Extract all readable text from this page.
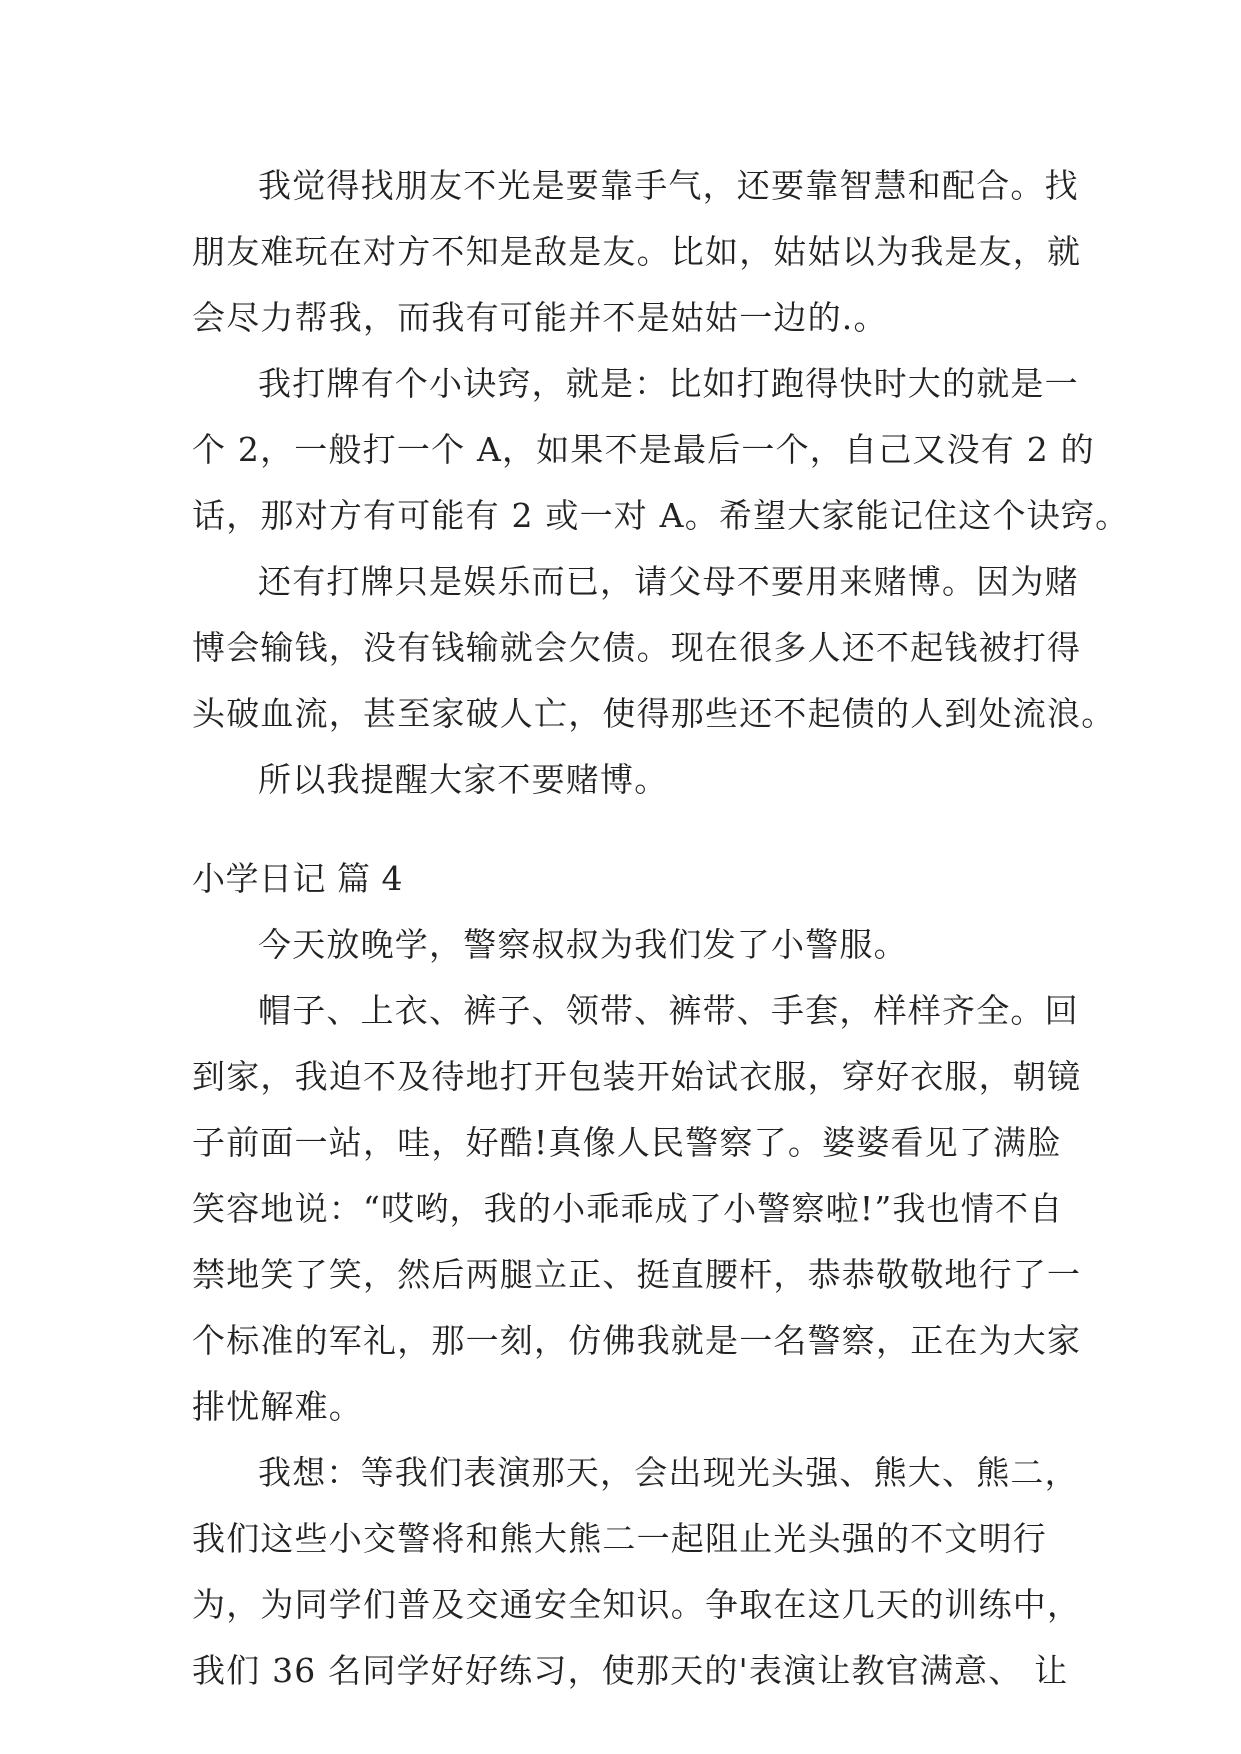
我觉得找朋友不光是要靠手气，还要靠智慧和配合。找
朋友难玩在对方不知是敌是友。比如，姑姑以为我是友，就
会尽力帮我，而我有可能并不是姑姑一边的.。
我打牌有个小诀窍，就是：比如打跑得快时大的就是一
个 2，一般打一个 A，如果不是最后一个，自己又没有 2 的
话，那对方有可能有 2 或一对 A。希望大家能记住这个诀窍。
还有打牌只是娱乐而已，请父母不要用来赌博。因为赌
博会输钱，没有钱输就会欠债。现在很多人还不起钱被打得
头破血流，甚至家破人亡，使得那些还不起债的人到处流浪。
所以我提醒大家不要赌博。
小学日记 篇 4
今天放晚学，警察叔叔为我们发了小警服。
帽子、上衣、裤子、领带、裤带、手套，样样齐全。回
到家，我迫不及待地打开包装开始试衣服，穿好衣服，朝镜
子前面一站，哇，好酷!真像人民警察了。婆婆看见了满脸
笑容地说：“哎哟，我的小乖乖成了小警察啦!”我也情不自
禁地笑了笑，然后两腿立正、挺直腰杆，恭恭敬敬地行了一
个标准的军礼，那一刻，仿佛我就是一名警察，正在为大家
排忧解难。
我想：等我们表演那天，会出现光头强、熊大、熊二，
我们这些小交警将和熊大熊二一起阻止光头强的不文明行
为，为同学们普及交通安全知识。争取在这几天的训练中，
我们 36 名同学好好练习，使那天的'表演让教官满意、 让
